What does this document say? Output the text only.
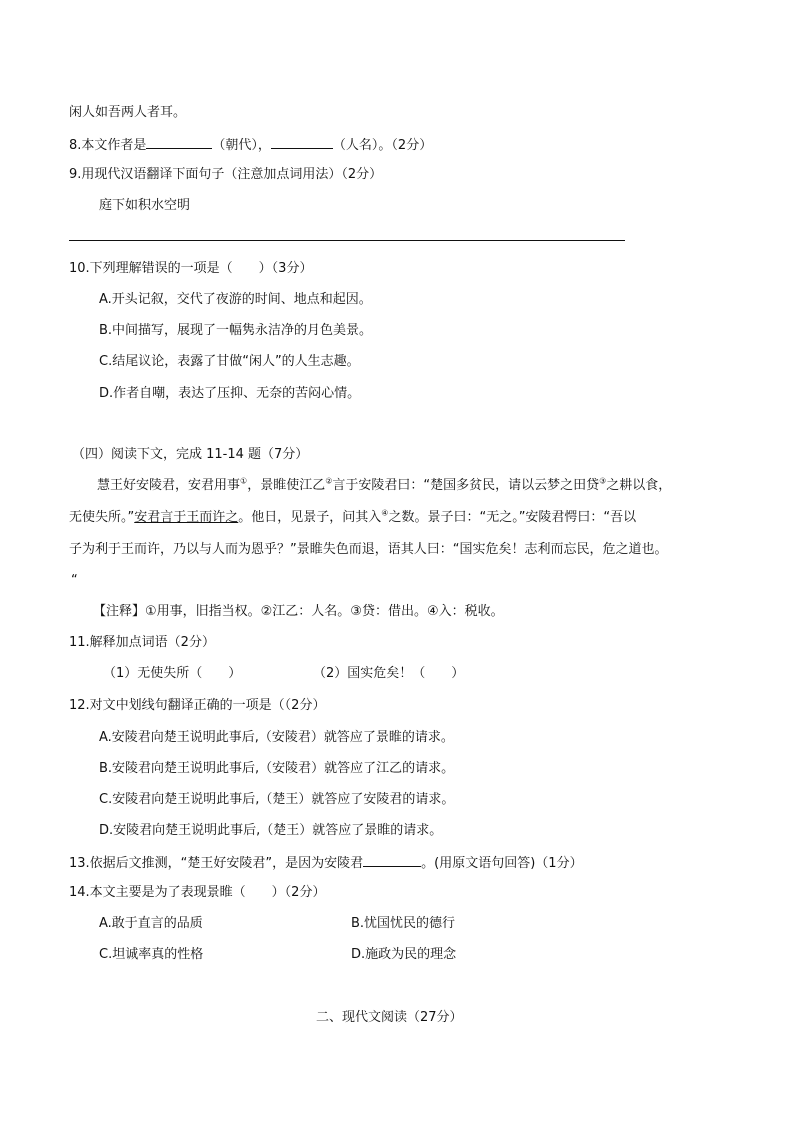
闲人如吾两人者耳。
8.本文作者是	（朝代），	（人名）。（2分）
9.用现代汉语翻译下面句子（注意加点词用法）（2分）
庭下如积水空明
10.下列理解错误的一项是（　　）（3分）
A.开头记叙，交代了夜游的时间、地点和起因。
B.中间描写，展现了一幅隽永洁净的月色美景。
C.结尾议论，表露了甘做“闲人”的人生志趣。
D.作者自嘲，表达了压抑、无奈的苦闷心情。
（四）阅读下文，完成 11-14 题（7分）
慧王好安陵君，安君用事①，景睢使江乙②言于安陵君曰：“楚国多贫民，请以云梦之田贷③之耕以食，
无使失所。”安君言于王而许之。他日，见景子，问其入④之数。景子曰：“无之。”安陵君愕曰：“吾以
子为利于王而许，乃以与人而为恩乎？”景睢失色而退，语其人曰：“国实危矣！志利而忘民，危之道也。
“
【注释】①用事，旧指当权。②江乙：人名。③贷：借出。④入：税收。
11.解释加点词语（2分）
（1）无使失所（　　）	（2）国实危矣！（　　）
12.对文中划线句翻译正确的一项是（（2分）
A.安陵君向楚王说明此事后,（安陵君）就答应了景睢的请求。
B.安陵君向楚王说明此事后,（安陵君）就答应了江乙的请求。
C.安陵君向楚王说明此事后,（楚王）就答应了安陵君的请求。
D.安陵君向楚王说明此事后,（楚王）就答应了景睢的请求。
13.依据后文推测，“楚王好安陵君”，是因为安陵君	。(用原文语句回答)（1分）
14.本文主要是为了表现景睢（　　）（2分）
A.敢于直言的品质	B.忧国忧民的德行
C.坦诚率真的性格	D.施政为民的理念
二、现代文阅读（27分）
